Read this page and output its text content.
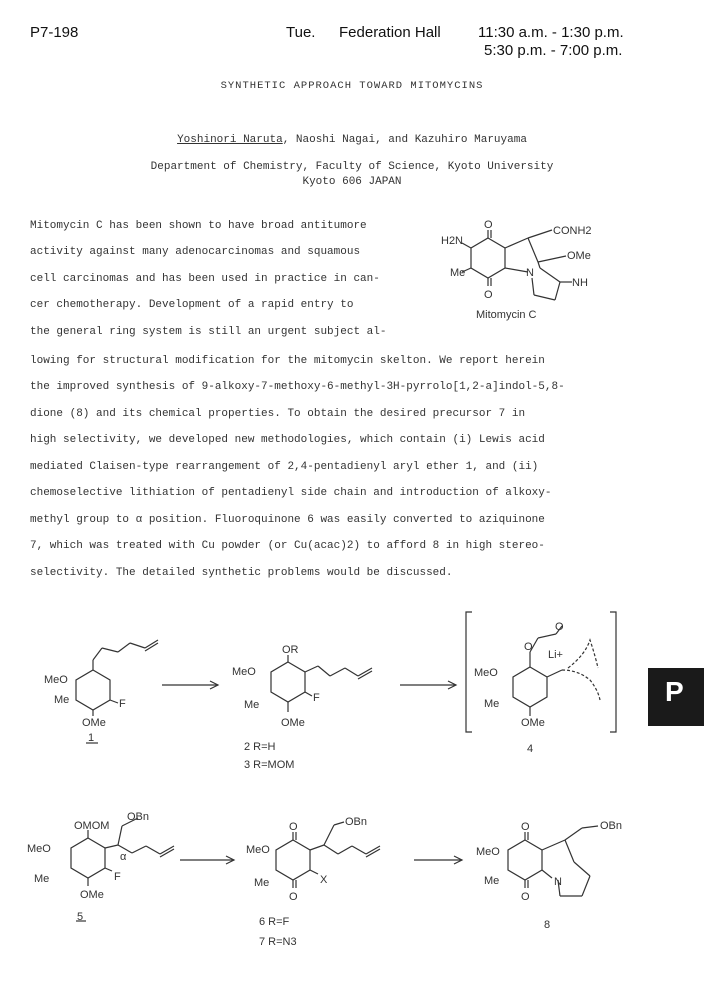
P7-198	Tue. Federation Hall 11:30 a.m. - 1:30 p.m.
5:30 p.m. - 7:00 p.m.
SYNTHETIC APPROACH TOWARD MITOMYCINS
Yoshinori Naruta, Naoshi Nagai, and Kazuhiro Maruyama
Department of Chemistry, Faculty of Science, Kyoto University
Kyoto 606 JAPAN
Mitomycin C has been shown to have broad antitumore
activity against many adenocarcinomas and squamous
cell carcinomas and has been used in practice in can-
cer chemotherapy. Development of a rapid entry to
the general ring system is still an urgent subject al-
lowing for structural modification for the mitomycin skelton. We report herein
the improved synthesis of 9-alkoxy-7-methoxy-6-methyl-3H-pyrrolo[1,2-a]indol-5,8-
dione (8) and its chemical properties. To obtain the desired precursor 7 in
high selectivity, we developed new methodologies, which contain (i) Lewis acid
mediated Claisen-type rearrangement of 2,4-pentadienyl aryl ether 1, and (ii)
chemoselective lithiation of pentadienyl side chain and introduction of alkoxy-
methyl group to α position. Fluoroquinone 6 was easily converted to aziquinone
7, which was treated with Cu powder (or Cu(acac)2) to afford 8 in high stereo-
selectivity. The detailed synthetic problems would be discussed.
H2N
O
O
CONH2
OMe
Me	N
NH
Mitomycin C
MeO
Me	F
OMe
1
OR
MeO
Me
F
OMe
2 R=H
3 R=MOM
O
O
Li+
MeO
Me
OMe
4
OMOM
OBn
MeO
Me	F
α
OMe
5
O
O
OBn
MeO
Me	X
6 R=F
7 R=N3
O
O
OBn
MeO
Me	N
8
P
